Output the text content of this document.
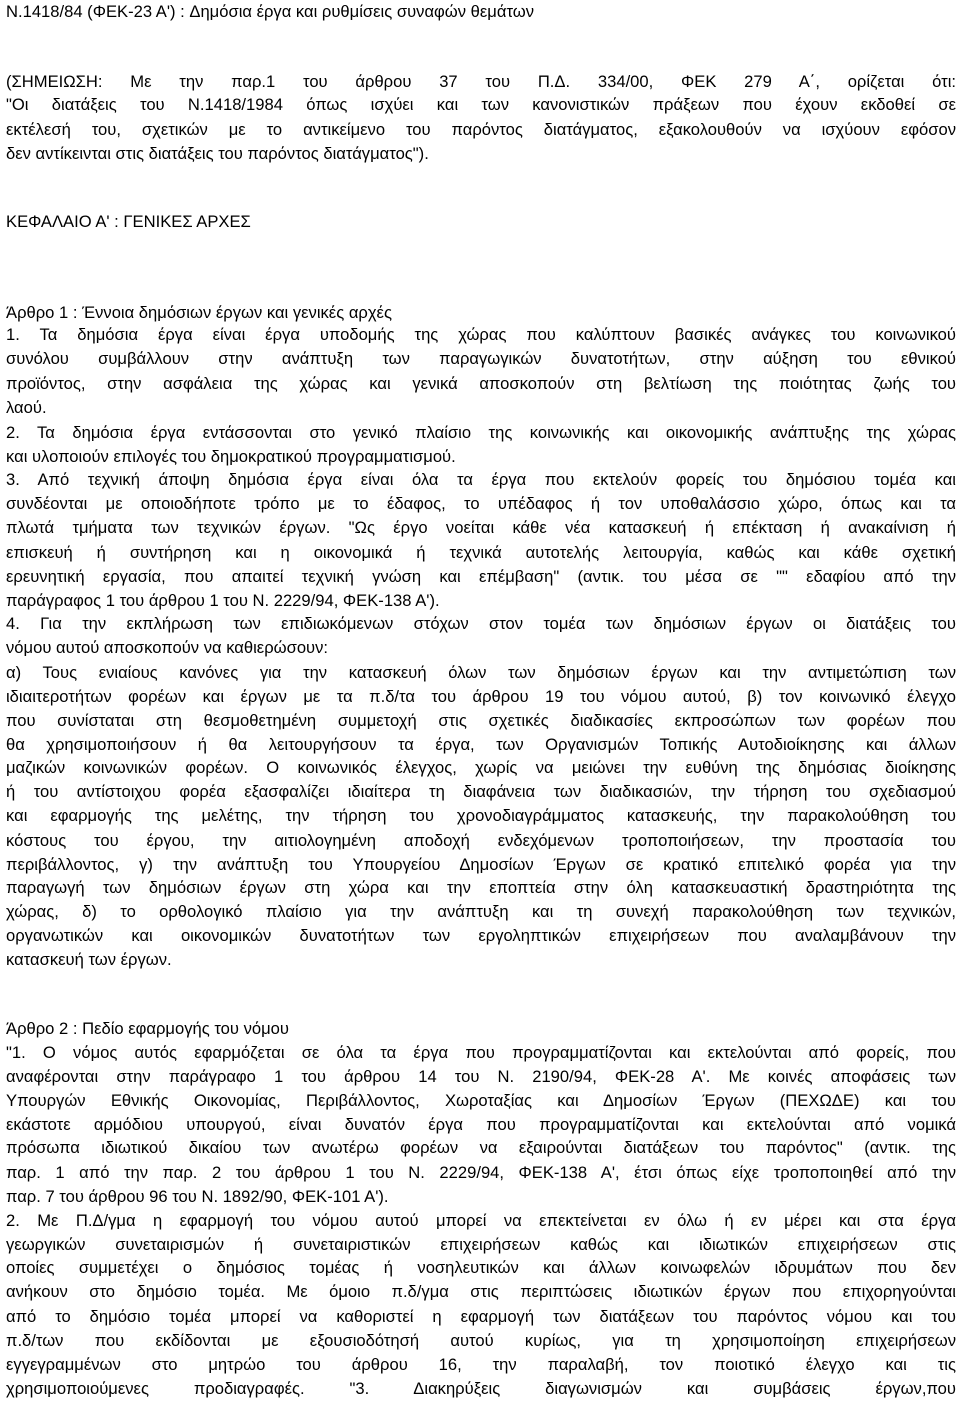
N.1418/84 (ΦΕΚ-23 Α') : Δημόσια έργα και ρυθμίσεις συναφών θεμάτων
(ΣΗΜΕΙΩΣΗ: Με την παρ.1 του άρθρου 37 του Π.Δ. 334/00, ΦΕΚ 279 Α΄, ορίζεται ότι:
"Οι διατάξεις του Ν.1418/1984 όπως ισχύει και των κανονιστικών πράξεων που έχουν εκδοθεί σε
εκτέλεσή του, σχετικών με το αντικείμενο του παρόντος διατάγματος, εξακολουθούν να ισχύουν εφόσον
δεν αντίκεινται στις διατάξεις του παρόντος διατάγματος").
ΚΕΦΑΛΑΙΟ Α' : ΓΕΝΙΚΕΣ ΑΡΧΕΣ
Άρθρο 1 : Έννοια δημόσιων έργων και γενικές αρχές
1. Τα δημόσια έργα είναι έργα υποδομής της χώρας που καλύπτουν βασικές ανάγκες του κοινωνικού
συνόλου συμβάλλουν στην ανάπτυξη των παραγωγικών δυνατοτήτων, στην αύξηση του εθνικού
προϊόντος, στην ασφάλεια της χώρας και γενικά αποσκοπούν στη βελτίωση της ποιότητας ζωής του
λαού.
2. Τα δημόσια έργα εντάσσονται στο γενικό πλαίσιο της κοινωνικής και οικονομικής ανάπτυξης της χώρας
και υλοποιούν επιλογές του δημοκρατικού προγραμματισμού.
3. Από τεχνική άποψη δημόσια έργα είναι όλα τα έργα που εκτελούν φορείς του δημόσιου τομέα και
συνδέονται με οποιοδήποτε τρόπο με το έδαφος, το υπέδαφος ή τον υποθαλάσσιο χώρο, όπως και τα
πλωτά τμήματα των τεχνικών έργων. "Ως έργο νοείται κάθε νέα κατασκευή ή επέκταση ή ανακαίνιση ή
επισκευή ή συντήρηση και η οικονομικά ή τεχνικά αυτοτελής λειτουργία, καθώς και κάθε σχετική
ερευνητική εργασία, που απαιτεί τεχνική γνώση και επέμβαση" (αντικ. του μέσα σε "" εδαφίου από την
παράγραφος 1 του άρθρου 1 του Ν. 2229/94, ΦΕΚ-138 Α').
4. Για την εκπλήρωση των επιδιωκόμενων στόχων στον τομέα των δημόσιων έργων οι διατάξεις του
νόμου αυτού αποσκοπούν να καθιερώσουν:
α) Τους ενιαίους κανόνες για την κατασκευή όλων των δημόσιων έργων και την αντιμετώπιση των
ιδιαιτεροτήτων φορέων και έργων με τα π.δ/τα του άρθρου 19 του νόμου αυτού, β) τον κοινωνικό έλεγχο
που συνίσταται στη θεσμοθετημένη συμμετοχή στις σχετικές διαδικασίες εκπροσώπων των φορέων που
θα χρησιμοποιήσουν ή θα λειτουργήσουν τα έργα, των Οργανισμών Τοπικής Αυτοδιοίκησης και άλλων
μαζικών κοινωνικών φορέων. Ο κοινωνικός έλεγχος, χωρίς να μειώνει την ευθύνη της δημόσιας διοίκησης
ή του αντίστοιχου φορέα εξασφαλίζει ιδιαίτερα τη διαφάνεια των διαδικασιών, την τήρηση του σχεδιασμού
και εφαρμογής της μελέτης, την τήρηση του χρονοδιαγράμματος κατασκευής, την παρακολούθηση του
κόστους του έργου, την αιτιολογημένη αποδοχή ενδεχόμενων τροποποιήσεων, την προστασία του
περιβάλλοντος, γ) την ανάπτυξη του Υπουργείου Δημοσίων Έργων σε κρατικό επιτελικό φορέα για την
παραγωγή των δημόσιων έργων στη χώρα και την εποπτεία στην όλη κατασκευαστική δραστηριότητα της
χώρας, δ) το ορθολογικό πλαίσιο για την ανάπτυξη και τη συνεχή παρακολούθηση των τεχνικών,
οργανωτικών και οικονομικών δυνατοτήτων των εργοληπτικών επιχειρήσεων που αναλαμβάνουν την
κατασκευή των έργων.
Άρθρο 2 : Πεδίο εφαρμογής του νόμου
"1. Ο νόμος αυτός εφαρμόζεται σε όλα τα έργα που προγραμματίζονται και εκτελούνται από φορείς, που
αναφέρονται στην παράγραφο 1 του άρθρου 14 του Ν. 2190/94, ΦΕΚ-28 Α'. Με κοινές αποφάσεις των
Υπουργών Εθνικής Οικονομίας, Περιβάλλοντος, Χωροταξίας και Δημοσίων Έργων (ΠΕΧΩΔΕ) και του
εκάστοτε αρμόδιου υπουργού, είναι δυνατόν έργα που προγραμματίζονται και εκτελούνται από νομικά
πρόσωπα ιδιωτικού δικαίου των ανωτέρω φορέων να εξαιρούνται διατάξεων του παρόντος" (αντικ. της
παρ. 1 από την παρ. 2 του άρθρου 1 του Ν. 2229/94, ΦΕΚ-138 Α', έτσι όπως είχε τροποποιηθεί από την
παρ. 7 του άρθρου 96 του Ν. 1892/90, ΦΕΚ-101 Α').
2. Με Π.Δ/γμα η εφαρμογή του νόμου αυτού μπορεί να επεκτείνεται εν όλω ή εν μέρει και στα έργα
γεωργικών συνεταιρισμών ή συνεταιριστικών επιχειρήσεων καθώς και ιδιωτικών επιχειρήσεων στις
οποίες συμμετέχει ο δημόσιος τομέας ή νοσηλευτικών και άλλων κοινωφελών ιδρυμάτων που δεν
ανήκουν στο δημόσιο τομέα. Με όμοιο π.δ/γμα στις περιπτώσεις ιδιωτικών έργων που επιχορηγούνται
από το δημόσιο τομέα μπορεί να καθοριστεί η εφαρμογή των διατάξεων του παρόντος νόμου και του
π.δ/των που εκδίδονται με εξουσιοδότησή αυτού κυρίως, για τη χρησιμοποίηση επιχειρήσεων
εγγεγραμμένων στο μητρώο του άρθρου 16, την παραλαβή, τον ποιοτικό έλεγχο και τις
χρησιμοποιούμενες προδιαγραφές. "3. Διακηρύξεις διαγωνισμών και συμβάσεις έργων,που
